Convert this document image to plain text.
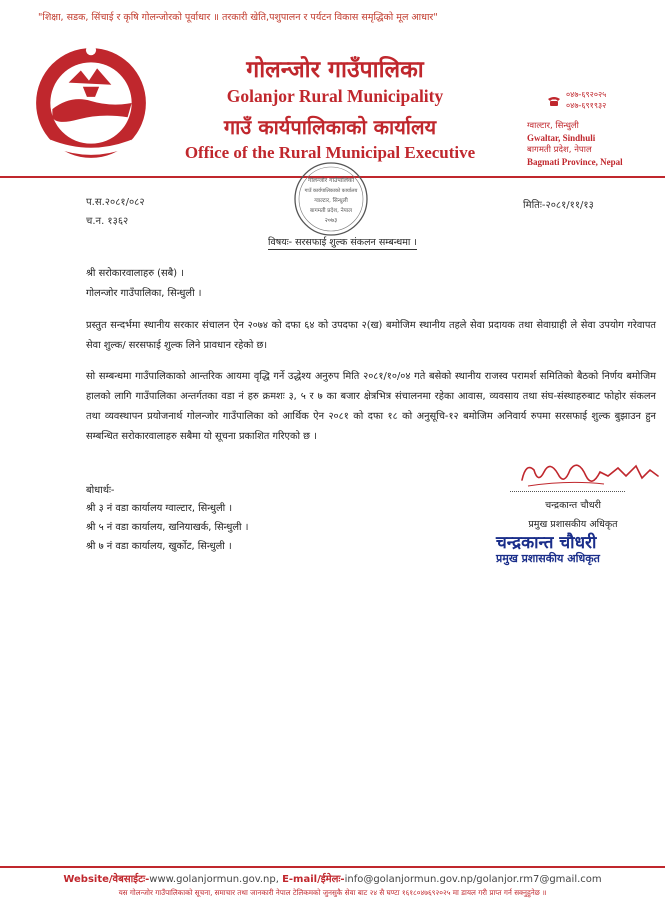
"शिक्षा, सडक, सिंचाई र कृषि गोलन्जोरको पूर्वाधार ॥ तरकारी खेति,पशुपालन र पर्यटन विकास समृद्धिको मूल आधार"
गोलन्जोर गाउँपालिका
Golanjor Rural Municipality
गाउँ कार्यपालिकाको कार्यालय
Office of the Rural Municipal Executive
०४७-६९२०२५
०४७-६९१९३२
ग्वाल्टार, सिन्धुली
Gwaltar, Sindhuli
बागमती प्रदेश, नेपाल
Bagmati Province, Nepal
गोलन्जोर गाउँपालिका
गाउँ कार्यपालिकाको कार्यालय
ग्वाल्टार, सिन्धुली
बागमती प्रदेश, नेपाल
२०७३
प.स.२०८१/०८२
च.न. १३६२
मितिः-२०८१/११/१३
विषयः- सरसफाई शुल्क संकलन सम्बन्धमा ।
श्री सरोकारवालाहरु (सबै) ।
गोलन्जोर गाउँपालिका, सिन्धुली ।
प्रस्तुत सन्दर्भमा स्थानीय सरकार संचालन ऐन २०७४ को दफा ६४ को उपदफा २(ख) बमोजिम स्थानीय तहले सेवा प्रदायक तथा सेवाग्राही ले सेवा उपयोग गरेवापत सेवा शुल्क/ सरसफाई शुल्क लिने प्रावधान रहेको छ।
सो सम्बन्धमा गाउँपालिकाको आन्तरिक आयमा वृद्धि गर्ने उद्धेश्य अनुरुप मिति २०८१/१०/०४ गते बसेको स्थानीय राजस्व परामर्श समितिको बैठको निर्णय बमोजिम हालको लागि गाउँपालिका अन्तर्गतका वडा नं हरु क्रमशः ३, ५ र ७ का बजार क्षेत्रभित्र संचालनमा रहेका आवास, व्यवसाय तथा संघ-संस्थाहरुबाट फोहोर संकलन तथा व्यवस्थापन प्रयोजनार्थ गोलन्जोर गाउँपालिका को आर्थिक ऐन २०८१ को दफा १८ को अनुसूचि-१२ बमोजिम अनिवार्य रुपमा सरसफाई शुल्क बुझाउन हुन सम्बन्धित सरोकारवालाहरु सबैमा यो सूचना प्रकाशित गरिएको छ ।
बोधार्थः-
श्री ३ नं वडा कार्यालय ग्वाल्टार, सिन्धुली ।
श्री ५ नं वडा कार्यालय, खनियाखर्क, सिन्धुली ।
श्री ७ नं वडा कार्यालय, खुर्कोट, सिन्धुली ।
चन्द्रकान्त चौधरी
प्रमुख प्रशासकीय अधिकृत
चन्द्रकान्त चौधरी
प्रमुख प्रशासकीय अधिकृत
Website/वेबसाईटः-www.golanjormun.gov.np, E-mail/ईमेलः-info@golanjormun.gov.np/golanjor.rm7@gmail.com
यस गोलन्जोर गाउँपालिकाको सूचना, समाचार तथा जानकारी नेपाल टेलिकमको जुनसुकै सेवा बाट २४ सै घण्टा १६१८०४७६९२०२५ मा डायल गरी प्राप्त गर्न सक्नुहुनेछ ॥
